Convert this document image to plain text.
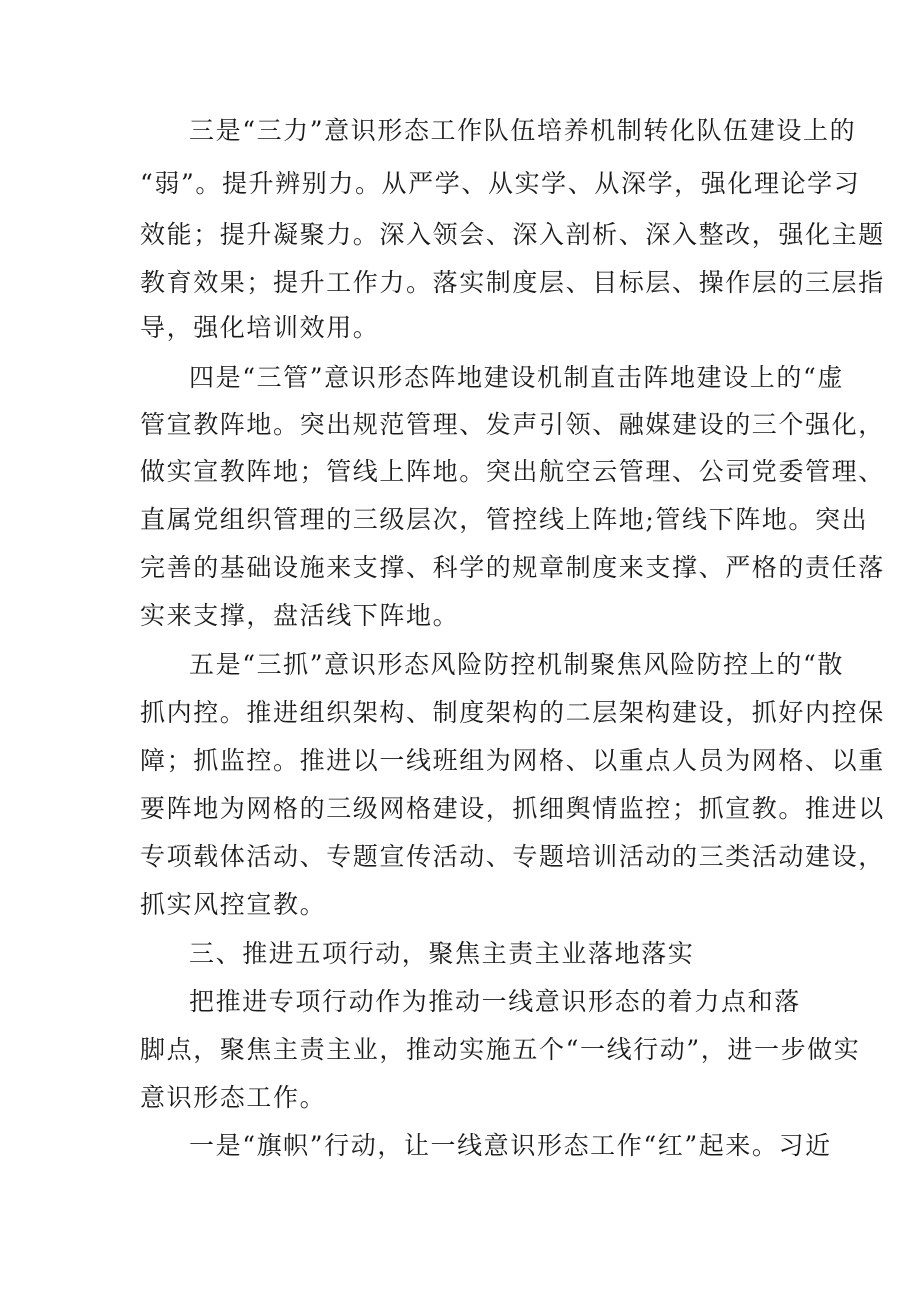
三是“三力”意识形态工作队伍培养机制转化队伍建设上的
“弱”。提升辨别力。从严学、从实学、从深学，强化理论学习
效能；提升凝聚力。深入领会、深入剖析、深入整改，强化主题
教育效果；提升工作力。落实制度层、目标层、操作层的三层指
导，强化培训效用。
四是“三管”意识形态阵地建设机制直击阵地建设上的“虚
管宣教阵地。突出规范管理、发声引领、融媒建设的三个强化，
做实宣教阵地；管线上阵地。突出航空云管理、公司党委管理、
直属党组织管理的三级层次，管控线上阵地;管线下阵地。突出
完善的基础设施来支撑、科学的规章制度来支撑、严格的责任落
实来支撑，盘活线下阵地。
五是“三抓”意识形态风险防控机制聚焦风险防控上的“散
抓内控。推进组织架构、制度架构的二层架构建设，抓好内控保
障；抓监控。推进以一线班组为网格、以重点人员为网格、以重
要阵地为网格的三级网格建设，抓细舆情监控；抓宣教。推进以
专项载体活动、专题宣传活动、专题培训活动的三类活动建设，
抓实风控宣教。
三、推进五项行动，聚焦主责主业落地落实
把推进专项行动作为推动一线意识形态的着力点和落
脚点，聚焦主责主业，推动实施五个“一线行动”，进一步做实
意识形态工作。
一是“旗帜”行动，让一线意识形态工作“红”起来。习近
